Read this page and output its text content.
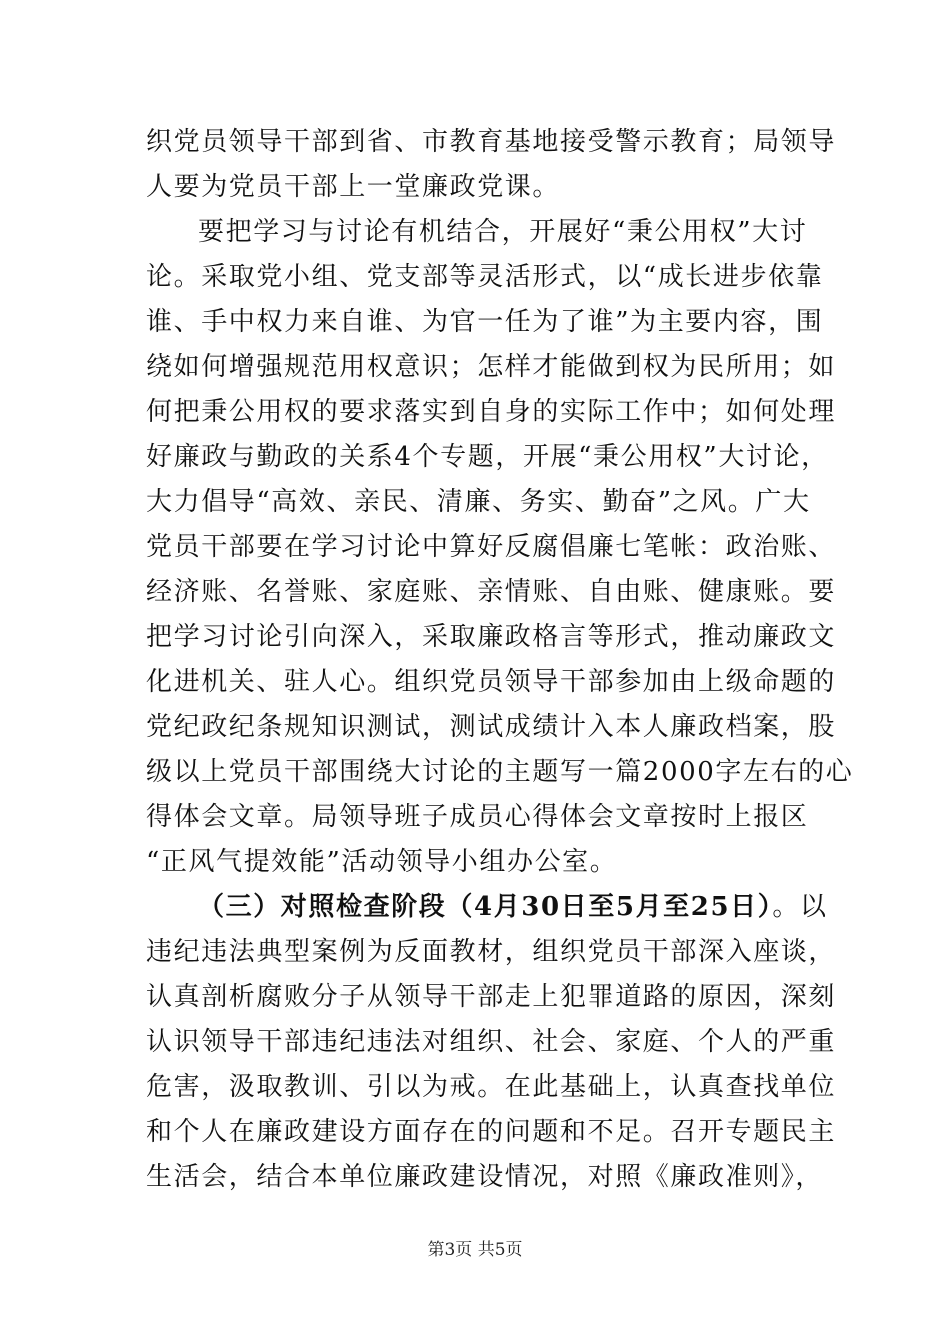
织党员领导干部到省、市教育基地接受警示教育；局领导
人要为党员干部上一堂廉政党课。
要把学习与讨论有机结合，开展好“秉公用权”大讨
论。采取党小组、党支部等灵活形式，以“成长进步依靠
谁、手中权力来自谁、为官一任为了谁”为主要内容，围
绕如何增强规范用权意识；怎样才能做到权为民所用；如
何把秉公用权的要求落实到自身的实际工作中；如何处理
好廉政与勤政的关系4个专题，开展“秉公用权”大讨论，
大力倡导“高效、亲民、清廉、务实、勤奋”之风。广大
党员干部要在学习讨论中算好反腐倡廉七笔帐：政治账、
经济账、名誉账、家庭账、亲情账、自由账、健康账。要
把学习讨论引向深入，采取廉政格言等形式，推动廉政文
化进机关、驻人心。组织党员领导干部参加由上级命题的
党纪政纪条规知识测试，测试成绩计入本人廉政档案，股
级以上党员干部围绕大讨论的主题写一篇2000字左右的心
得体会文章。局领导班子成员心得体会文章按时上报区
“正风气提效能”活动领导小组办公室。
（三）对照检查阶段（4月30日至5月至25日）。以
违纪违法典型案例为反面教材，组织党员干部深入座谈，
认真剖析腐败分子从领导干部走上犯罪道路的原因，深刻
认识领导干部违纪违法对组织、社会、家庭、个人的严重
危害，汲取教训、引以为戒。在此基础上，认真查找单位
和个人在廉政建设方面存在的问题和不足。召开专题民主
生活会，结合本单位廉政建设情况，对照《廉政准则》，
第3页 共5页
